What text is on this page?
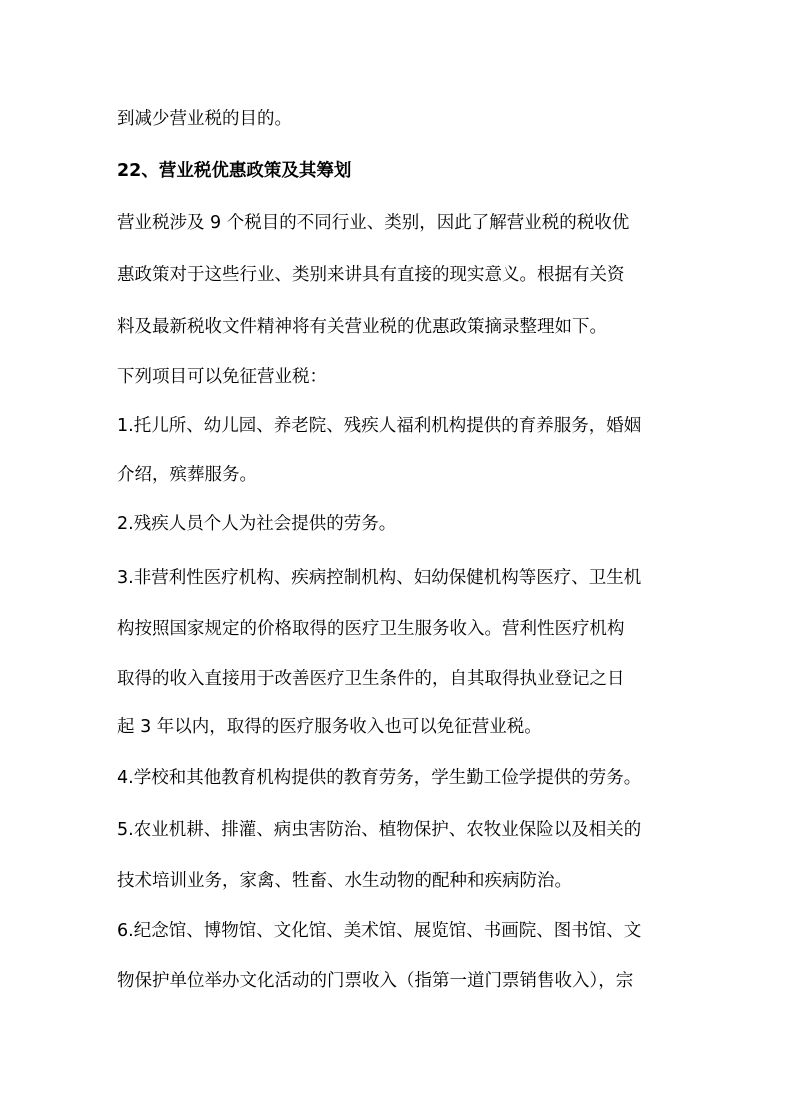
到减少营业税的目的。
22、营业税优惠政策及其筹划
营业税涉及 9 个税目的不同行业、类别，因此了解营业税的税收优
惠政策对于这些行业、类别来讲具有直接的现实意义。根据有关资
料及最新税收文件精神将有关营业税的优惠政策摘录整理如下。
下列项目可以免征营业税：
1.托儿所、幼儿园、养老院、残疾人福利机构提供的育养服务，婚姻
介绍，殡葬服务。
2.残疾人员个人为社会提供的劳务。
3.非营利性医疗机构、疾病控制机构、妇幼保健机构等医疗、卫生机
构按照国家规定的价格取得的医疗卫生服务收入。营利性医疗机构
取得的收入直接用于改善医疗卫生条件的，自其取得执业登记之日
起 3 年以内，取得的医疗服务收入也可以免征营业税。
4.学校和其他教育机构提供的教育劳务，学生勤工俭学提供的劳务。
5.农业机耕、排灌、病虫害防治、植物保护、农牧业保险以及相关的
技术培训业务，家禽、牲畜、水生动物的配种和疾病防治。
6.纪念馆、博物馆、文化馆、美术馆、展览馆、书画院、图书馆、文
物保护单位举办文化活动的门票收入（指第一道门票销售收入），宗
